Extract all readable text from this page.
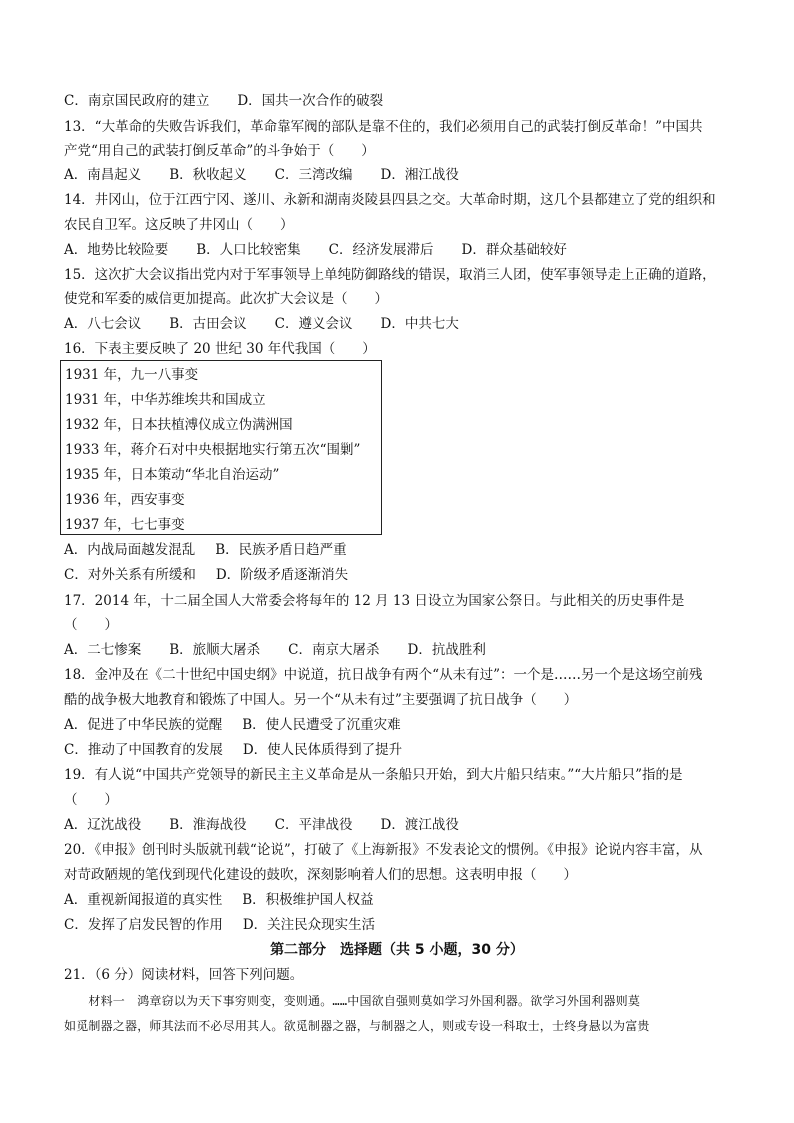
C．南京国民政府的建立 D．国共一次合作的破裂
13．“大革命的失败告诉我们，革命靠军阀的部队是靠不住的，我们必须用自己的武装打倒反革命！”中国共
产党“用自己的武装打倒反革命”的斗争始于（　　）
A．南昌起义 B．秋收起义 C．三湾改编 D．湘江战役
14．井冈山，位于江西宁冈、遂川、永新和湖南炎陵县四县之交。大革命时期，这几个县都建立了党的组织和
农民自卫军。这反映了井冈山（　　）
A．地势比较险要 B．人口比较密集 C．经济发展滞后 D．群众基础较好
15．这次扩大会议指出党内对于军事领导上单纯防御路线的错误，取消三人团，使军事领导走上正确的道路，
使党和军委的威信更加提高。此次扩大会议是（　　）
A．八七会议 B．古田会议 C．遵义会议 D．中共七大
16．下表主要反映了 20 世纪 30 年代我国（　　）
1931 年，九一八事变
1931 年，中华苏维埃共和国成立
1932 年，日本扶植溥仪成立伪满洲国
1933 年，蒋介石对中央根据地实行第五次“围剿”
1935 年，日本策动“华北自治运动”
1936 年，西安事变
1937 年，七七事变
A．内战局面越发混乱 B．民族矛盾日趋严重
C．对外关系有所缓和 D．阶级矛盾逐渐消失
17．2014 年，十二届全国人大常委会将每年的 12 月 13 日设立为国家公祭日。与此相关的历史事件是
（　　）
A．二七惨案 B．旅顺大屠杀 C．南京大屠杀 D．抗战胜利
18．金冲及在《二十世纪中国史纲》中说道，抗日战争有两个“从未有过”：一个是……另一个是这场空前残
酷的战争极大地教育和锻炼了中国人。另一个“从未有过”主要强调了抗日战争（　　）
A．促进了中华民族的觉醒 B．使人民遭受了沉重灾难
C．推动了中国教育的发展 D．使人民体质得到了提升
19．有人说“中国共产党领导的新民主主义革命是从一条船只开始，到大片船只结束。”“大片船只”指的是
（　　）
A．辽沈战役 B．淮海战役 C．平津战役 D．渡江战役
20．《申报》创刊时头版就刊载“论说”，打破了《上海新报》不发表论文的惯例。《申报》论说内容丰富，从
对苛政陋规的笔伐到现代化建设的鼓吹，深刻影响着人们的思想。这表明申报（　　）
A．重视新闻报道的真实性 B．积极维护国人权益
C．发挥了启发民智的作用 D．关注民众现实生活
第二部分　选择题（共 5 小题，30 分）
21．（6 分）阅读材料，回答下列问题。
　　材料一　鸿章窃以为天下事穷则变，变则通。……中国欲自强则莫如学习外国利器。欲学习外国利器则莫
如觅制器之器，师其法而不必尽用其人。欲觅制器之器，与制器之人，则或专设一科取士，士终身悬以为富贵
